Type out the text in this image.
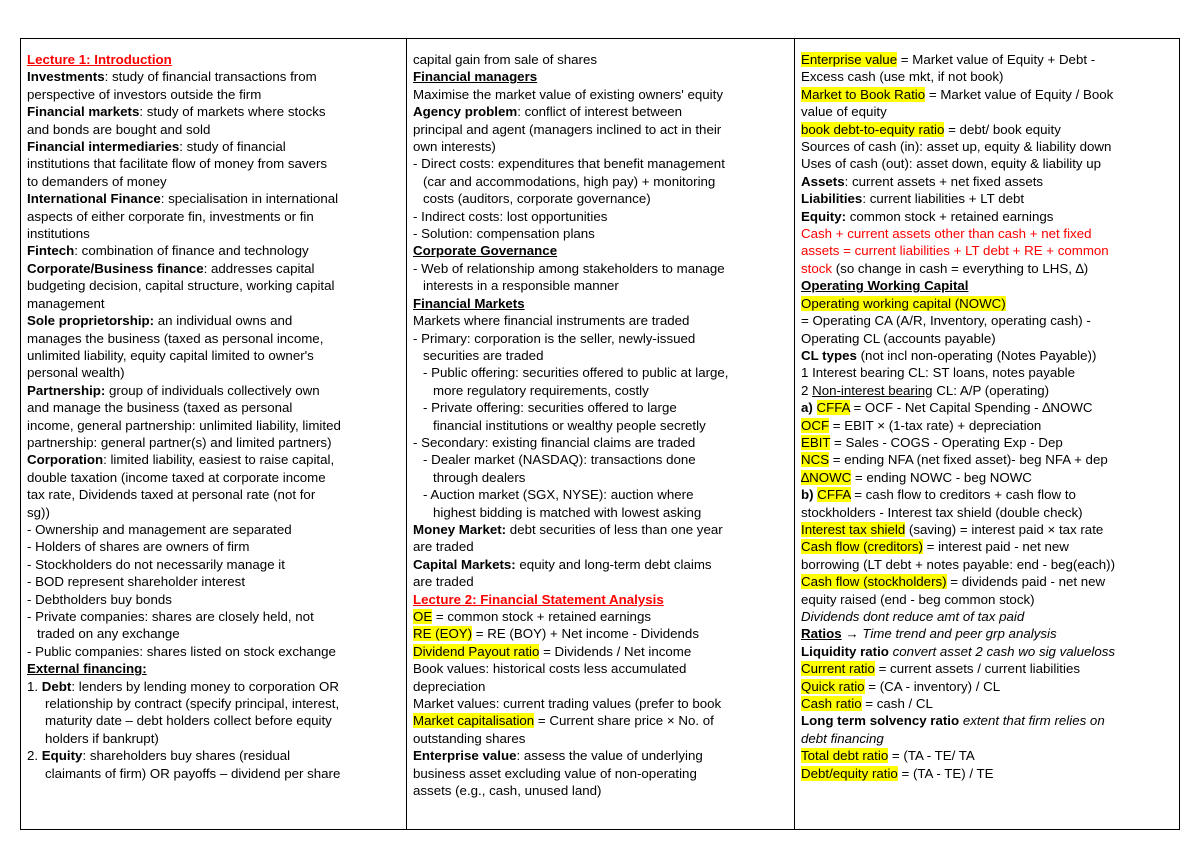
Lecture 1: Introduction
Investments: study of financial transactions from
perspective of investors outside the firm
Financial markets: study of markets where stocks
and bonds are bought and sold
Financial intermediaries: study of financial
institutions that facilitate flow of money from savers
to demanders of money
International Finance: specialisation in international
aspects of either corporate fin, investments or fin
institutions
Fintech: combination of finance and technology
Corporate/Business finance: addresses capital
budgeting decision, capital structure, working capital
management
Sole proprietorship: an individual owns and
manages the business (taxed as personal income,
unlimited liability, equity capital limited to owner's
personal wealth)
Partnership: group of individuals collectively own
and manage the business (taxed as personal
income, general partnership: unlimited liability, limited
partnership: general partner(s) and limited partners)
Corporation: limited liability, easiest to raise capital,
double taxation (income taxed at corporate income
tax rate, Dividends taxed at personal rate (not for
sg))
- Ownership and management are separated
- Holders of shares are owners of firm
- Stockholders do not necessarily manage it
- BOD represent shareholder interest
- Debtholders buy bonds
- Private companies: shares are closely held, not
traded on any exchange
- Public companies: shares listed on stock exchange
External financing:
1. Debt: lenders by lending money to corporation OR
relationship by contract (specify principal, interest,
maturity date – debt holders collect before equity
holders if bankrupt)
2. Equity: shareholders buy shares (residual
claimants of firm) OR payoffs – dividend per share
capital gain from sale of shares
Financial managers
Maximise the market value of existing owners' equity
Agency problem: conflict of interest between
principal and agent (managers inclined to act in their
own interests)
- Direct costs: expenditures that benefit management
(car and accommodations, high pay) + monitoring
costs (auditors, corporate governance)
- Indirect costs: lost opportunities
- Solution: compensation plans
Corporate Governance
- Web of relationship among stakeholders to manage
interests in a responsible manner
Financial Markets
Markets where financial instruments are traded
- Primary: corporation is the seller, newly-issued
securities are traded
- Public offering: securities offered to public at large,
more regulatory requirements, costly
- Private offering: securities offered to large
financial institutions or wealthy people secretly
- Secondary: existing financial claims are traded
- Dealer market (NASDAQ): transactions done
through dealers
- Auction market (SGX, NYSE): auction where
highest bidding is matched with lowest asking
Money Market: debt securities of less than one year
are traded
Capital Markets: equity and long-term debt claims
are traded
Lecture 2: Financial Statement Analysis
OE = common stock + retained earnings
RE (EOY) = RE (BOY) + Net income - Dividends
Dividend Payout ratio = Dividends / Net income
Book values: historical costs less accumulated
depreciation
Market values: current trading values (prefer to book
Market capitalisation = Current share price × No. of
outstanding shares
Enterprise value: assess the value of underlying
business asset excluding value of non-operating
assets (e.g., cash, unused land)
Enterprise value = Market value of Equity + Debt -
Excess cash (use mkt, if not book)
Market to Book Ratio = Market value of Equity / Book
value of equity
book debt-to-equity ratio = debt/ book equity
Sources of cash (in): asset up, equity & liability down
Uses of cash (out): asset down, equity & liability up
Assets: current assets + net fixed assets
Liabilities: current liabilities + LT debt
Equity: common stock + retained earnings
Cash + current assets other than cash + net fixed
assets = current liabilities + LT debt + RE + common
stock (so change in cash = everything to LHS, ∆)
Operating Working Capital
Operating working capital (NOWC)
= Operating CA (A/R, Inventory, operating cash) -
Operating CL (accounts payable)
CL types (not incl non-operating (Notes Payable))
1 Interest bearing CL: ST loans, notes payable
2 Non-interest bearing CL: A/P (operating)
a) CFFA = OCF - Net Capital Spending - ∆NOWC
OCF = EBIT × (1-tax rate) + depreciation
EBIT = Sales - COGS - Operating Exp - Dep
NCS = ending NFA (net fixed asset)- beg NFA + dep
∆NOWC = ending NOWC - beg NOWC
b) CFFA = cash flow to creditors + cash flow to
stockholders - Interest tax shield (double check)
Interest tax shield (saving) = interest paid × tax rate
Cash flow (creditors) = interest paid - net new
borrowing (LT debt + notes payable: end - beg(each))
Cash flow (stockholders) = dividends paid - net new
equity raised (end - beg common stock)
Dividends dont reduce amt of tax paid
Ratios → Time trend and peer grp analysis
Liquidity ratio convert asset 2 cash wo sig valueloss
Current ratio = current assets / current liabilities
Quick ratio = (CA - inventory) / CL
Cash ratio = cash / CL
Long term solvency ratio extent that firm relies on
debt financing
Total debt ratio = (TA - TE/ TA
Debt/equity ratio = (TA - TE) / TE
